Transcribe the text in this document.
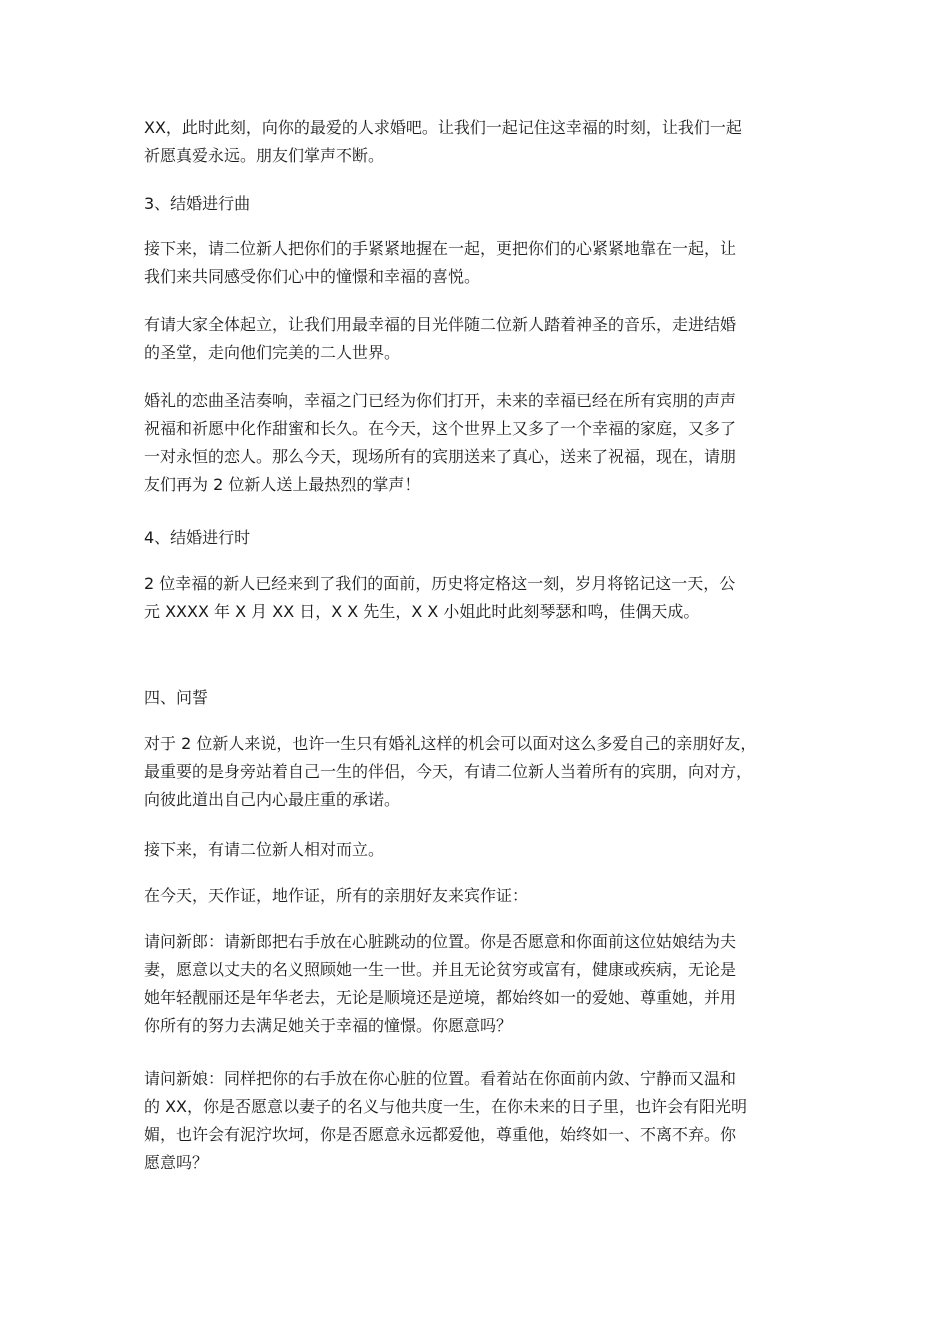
XX，此时此刻，向你的最爱的人求婚吧。让我们一起记住这幸福的时刻，让我们一起
祈愿真爱永远。朋友们掌声不断。
3、结婚进行曲
接下来，请二位新人把你们的手紧紧地握在一起，更把你们的心紧紧地靠在一起，让
我们来共同感受你们心中的憧憬和幸福的喜悦。
有请大家全体起立，让我们用最幸福的目光伴随二位新人踏着神圣的音乐，走进结婚
的圣堂，走向他们完美的二人世界。
婚礼的恋曲圣洁奏响，幸福之门已经为你们打开，未来的幸福已经在所有宾朋的声声
祝福和祈愿中化作甜蜜和长久。在今天，这个世界上又多了一个幸福的家庭，又多了
一对永恒的恋人。那么今天，现场所有的宾朋送来了真心，送来了祝福，现在，请朋
友们再为 2 位新人送上最热烈的掌声！
4、结婚进行时
2 位幸福的新人已经来到了我们的面前，历史将定格这一刻，岁月将铭记这一天，公
元 XXXX 年 X 月 XX 日，X X 先生，X X 小姐此时此刻琴瑟和鸣，佳偶天成。
四、问誓
对于 2 位新人来说，也许一生只有婚礼这样的机会可以面对这么多爱自己的亲朋好友，
最重要的是身旁站着自己一生的伴侣，今天，有请二位新人当着所有的宾朋，向对方，
向彼此道出自己内心最庄重的承诺。
接下来，有请二位新人相对而立。
在今天，天作证，地作证，所有的亲朋好友来宾作证：
请问新郎：请新郎把右手放在心脏跳动的位置。你是否愿意和你面前这位姑娘结为夫
妻，愿意以丈夫的名义照顾她一生一世。并且无论贫穷或富有，健康或疾病，无论是
她年轻靓丽还是年华老去，无论是顺境还是逆境，都始终如一的爱她、尊重她，并用
你所有的努力去满足她关于幸福的憧憬。你愿意吗？
请问新娘：同样把你的右手放在你心脏的位置。看着站在你面前内敛、宁静而又温和
的 XX，你是否愿意以妻子的名义与他共度一生，在你未来的日子里，也许会有阳光明
媚，也许会有泥泞坎坷，你是否愿意永远都爱他，尊重他，始终如一、不离不弃。你
愿意吗？
